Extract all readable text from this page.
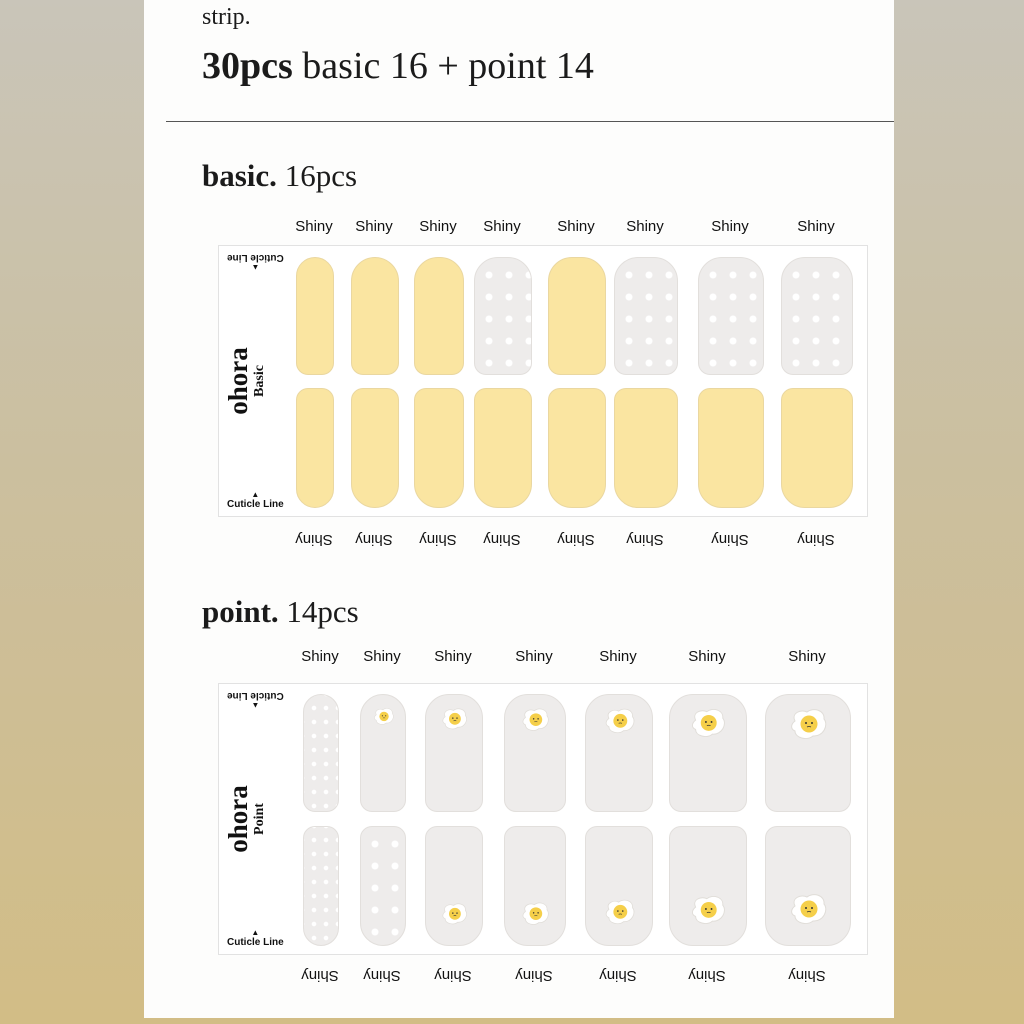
strip.
30pcs basic 16 + point 14
basic. 16pcs
Shiny Shiny Shiny Shiny Shiny Shiny	Shiny	Shiny
▲
Cuticle Line
ohora Basic
▲
Cuticle Line
Shiny Shiny Shiny Shiny Shiny Shiny	Shiny	Shiny
point. 14pcs
Shiny Shiny Shiny	Shiny	Shiny	Shiny	Shiny
▲
Cuticle Line
ohora Point
▲
Cuticle Line
Shiny Shiny Shiny	Shiny	Shiny	Shiny	Shiny
